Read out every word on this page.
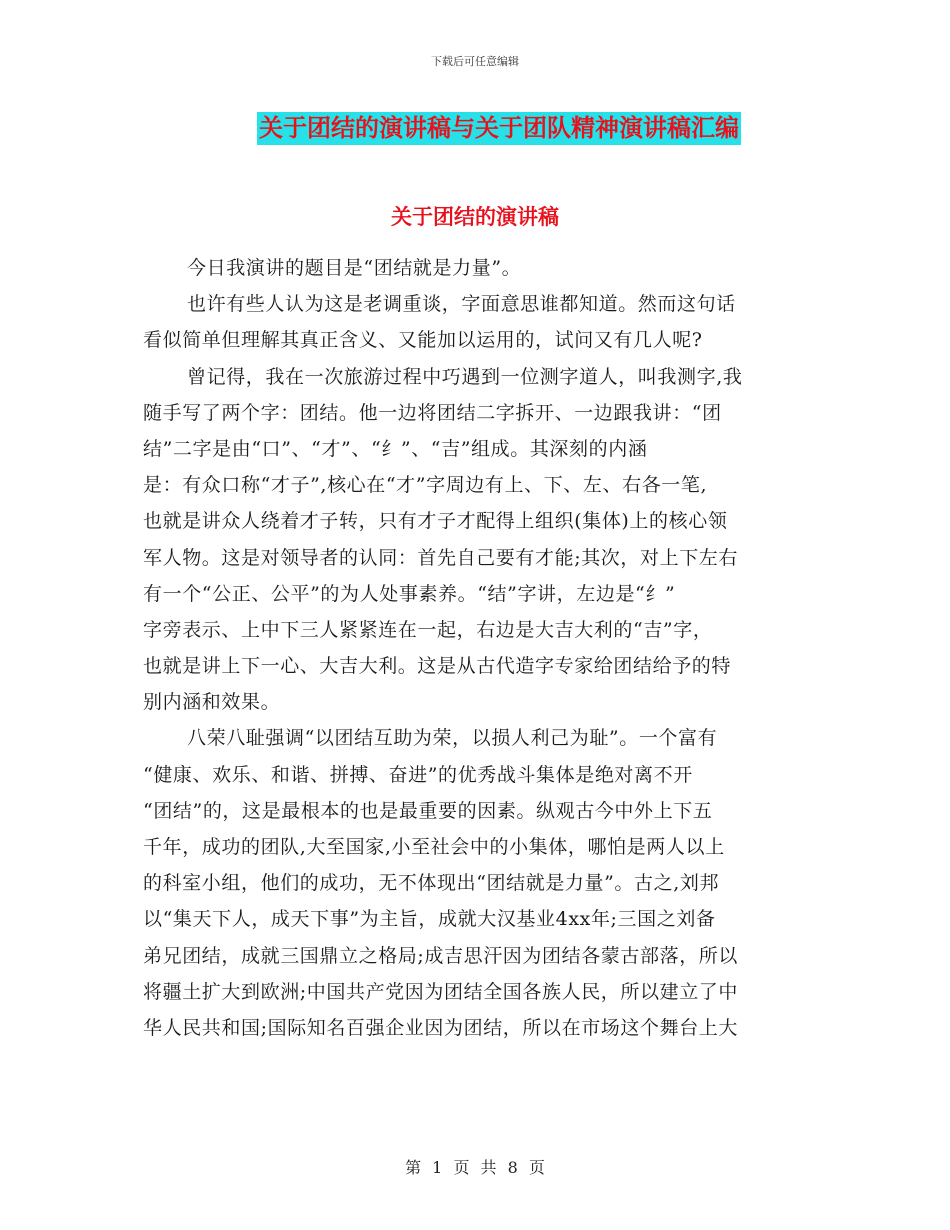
下载后可任意编辑
关于团结的演讲稿与关于团队精神演讲稿汇编
关于团结的演讲稿
今日我演讲的题目是“团结就是力量”。
也许有些人认为这是老调重谈，字面意思谁都知道。然而这句话
看似简单但理解其真正含义、又能加以运用的，试问又有几人呢?
曾记得，我在一次旅游过程中巧遇到一位测字道人，叫我测字,我
随手写了两个字：团结。他一边将团结二字拆开、一边跟我讲：“团
结”二字是由“口”、“才”、“纟”、“吉”组成。其深刻的内涵
是：有众口称“才子”,核心在“才”字周边有上、下、左、右各一笔,
也就是讲众人绕着才子转，只有才子才配得上组织(集体)上的核心领
军人物。这是对领导者的认同：首先自己要有才能;其次，对上下左右
有一个“公正、公平”的为人处事素养。“结”字讲，左边是“纟”
字旁表示、上中下三人紧紧连在一起，右边是大吉大利的“吉”字，
也就是讲上下一心、大吉大利。这是从古代造字专家给团结给予的特
别内涵和效果。
八荣八耻强调“以团结互助为荣，以损人利己为耻”。一个富有
“健康、欢乐、和谐、拼搏、奋进”的优秀战斗集体是绝对离不开
“团结”的，这是最根本的也是最重要的因素。纵观古今中外上下五
千年，成功的团队,大至国家,小至社会中的小集体，哪怕是两人以上
的科室小组，他们的成功，无不体现出“团结就是力量”。古之,刘邦
以“集天下人，成天下事”为主旨，成就大汉基业4xx年;三国之刘备
弟兄团结，成就三国鼎立之格局;成吉思汗因为团结各蒙古部落，所以
将疆土扩大到欧洲;中国共产党因为团结全国各族人民，所以建立了中
华人民共和国;国际知名百强企业因为团结，所以在市场这个舞台上大
第 1 页 共 8 页
